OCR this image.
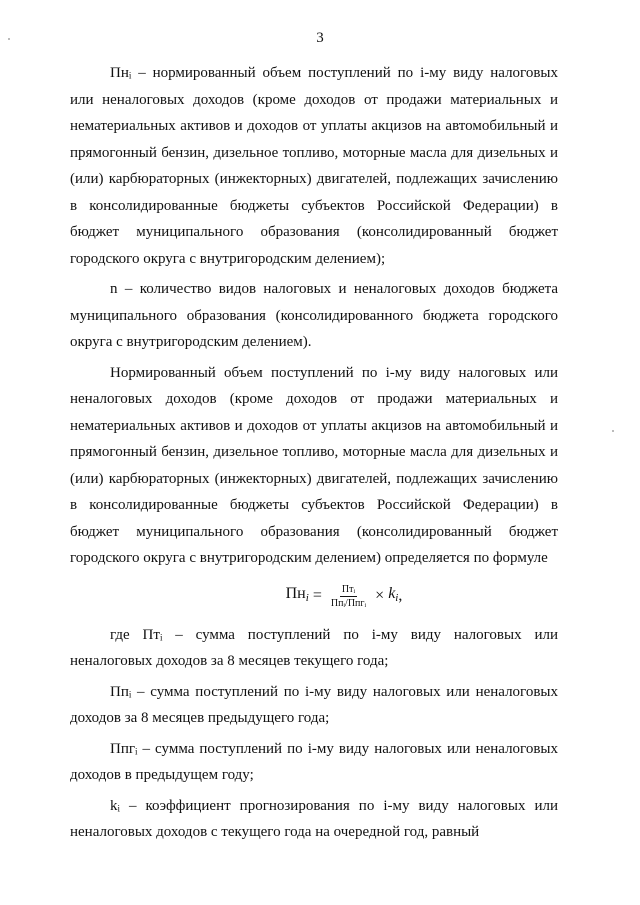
3

Пнᵢ – нормированный объем поступлений по i-му виду налоговых или неналоговых доходов (кроме доходов от продажи материальных и нематериальных активов и доходов от уплаты акцизов на автомобильный и прямогонный бензин, дизельное топливо, моторные масла для дизельных и (или) карбюраторных (инжекторных) двигателей, подлежащих зачислению в консолидированные бюджеты субъектов Российской Федерации) в бюджет муниципального образования (консолидированный бюджет городского округа с внутригородским делением);

n – количество видов налоговых и неналоговых доходов бюджета муниципального образования (консолидированного бюджета городского округа с внутригородским делением).

Нормированный объем поступлений по i-му виду налоговых или неналоговых доходов (кроме доходов от продажи материальных и нематериальных активов и доходов от уплаты акцизов на автомобильный и прямогонный бензин, дизельное топливо, моторные масла для дизельных и (или) карбюраторных (инжекторных) двигателей, подлежащих зачислению в консолидированные бюджеты субъектов Российской Федерации) в бюджет муниципального образования (консолидированный бюджет городского округа с внутригородским делением) определяется по формуле

$Пн_i = \frac{\text{Птᵢ}}{\text{Ппᵢ/Ппгᵢ}} \times k_i$ ,

где Птᵢ – сумма поступлений по i-му виду налоговых или неналоговых доходов за 8 месяцев текущего года;

Ппᵢ – сумма поступлений по i-му виду налоговых или неналоговых доходов за 8 месяцев предыдущего года;

Ппгᵢ – сумма поступлений по i-му виду налоговых или неналоговых доходов в предыдущем году;

kᵢ – коэффициент прогнозирования по i-му виду налоговых или неналоговых доходов с текущего года на очередной год, равный
